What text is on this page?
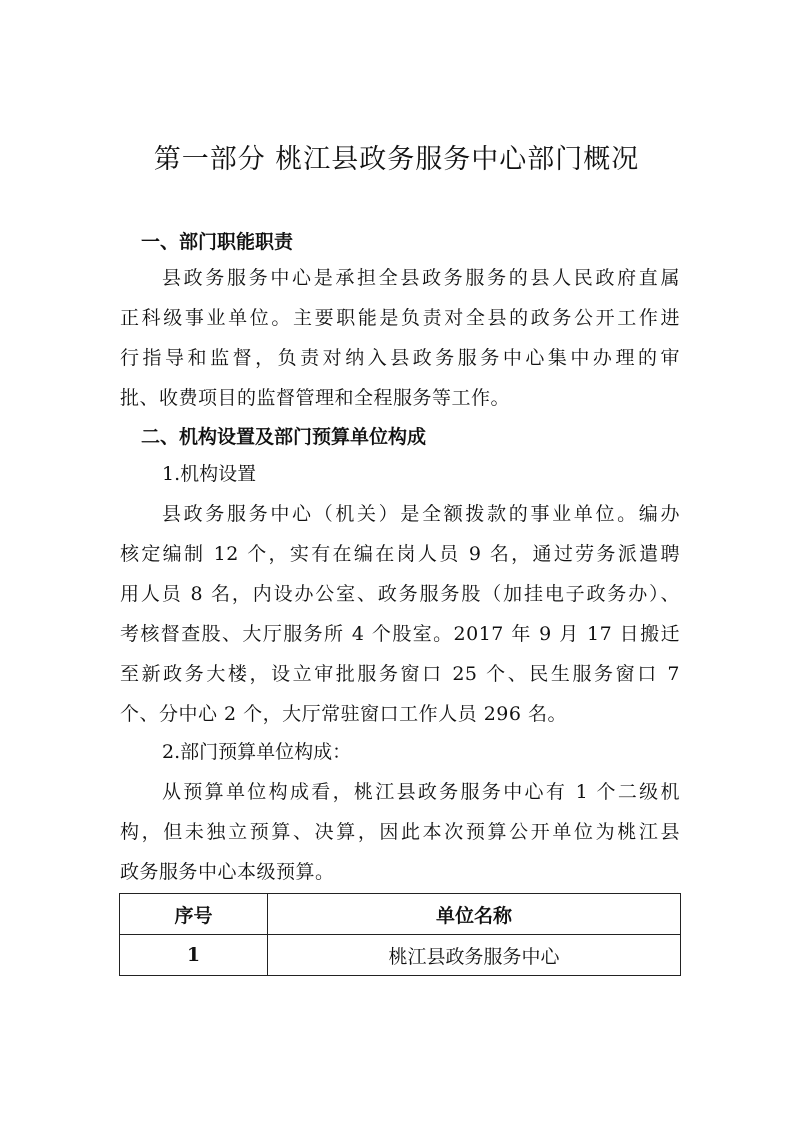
第一部分 桃江县政务服务中心部门概况
一、部门职能职责
县政务服务中心是承担全县政务服务的县人民政府直属
正科级事业单位。主要职能是负责对全县的政务公开工作进
行指导和监督，负责对纳入县政务服务中心集中办理的审
批、收费项目的监督管理和全程服务等工作。
二、机构设置及部门预算单位构成
1.机构设置
县政务服务中心（机关）是全额拨款的事业单位。编办
核定编制 12 个，实有在编在岗人员 9 名，通过劳务派遣聘
用人员 8 名，内设办公室、政务服务股（加挂电子政务办）、
考核督查股、大厅服务所 4 个股室。2017 年 9 月 17 日搬迁
至新政务大楼，设立审批服务窗口 25 个、民生服务窗口 7
个、分中心 2 个，大厅常驻窗口工作人员 296 名。
2.部门预算单位构成：
从预算单位构成看，桃江县政务服务中心有 1 个二级机
构，但未独立预算、决算，因此本次预算公开单位为桃江县
政务服务中心本级预算。
序号	单位名称
1	桃江县政务服务中心
